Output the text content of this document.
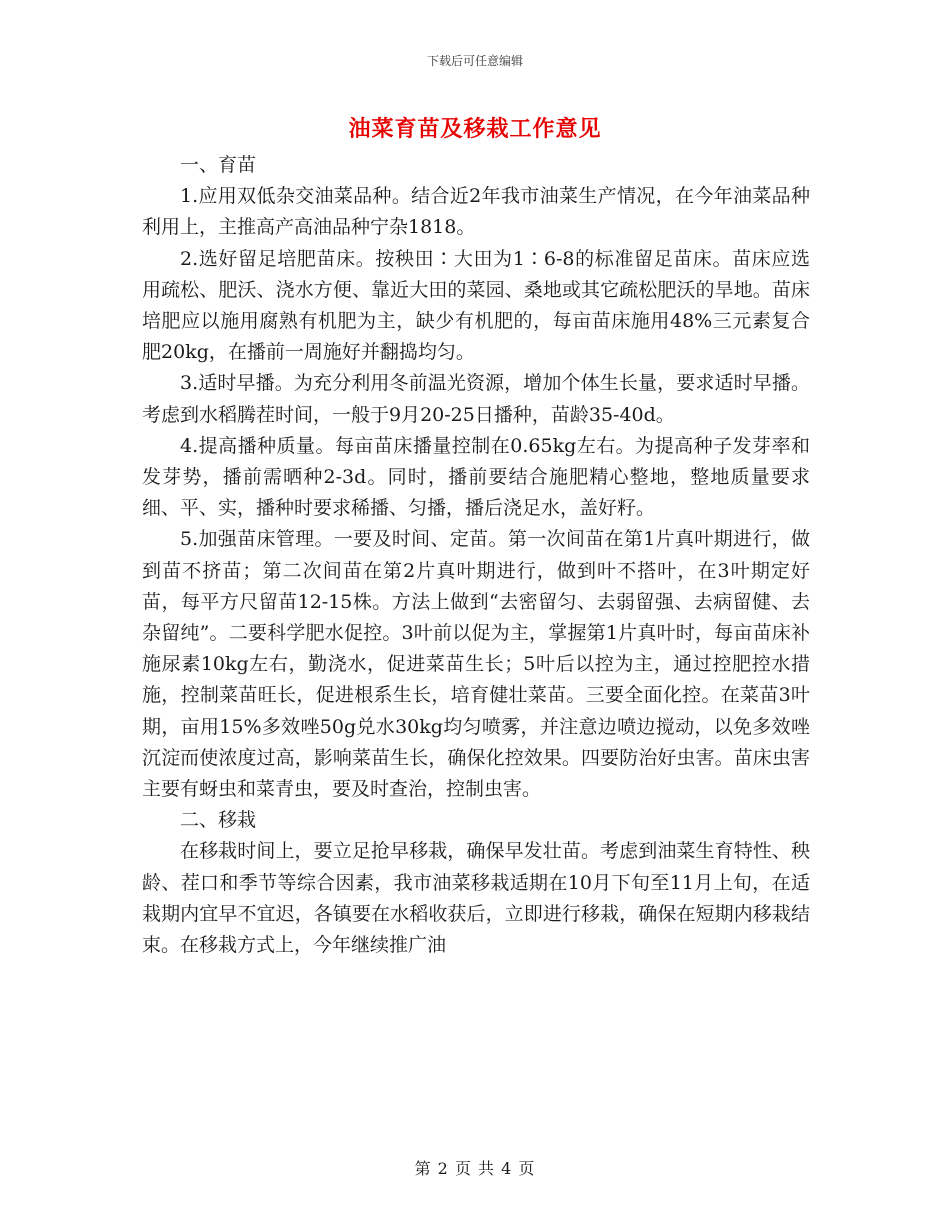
下载后可任意编辑
油菜育苗及移栽工作意见

一、育苗

1.应用双低杂交油菜品种。结合近2年我市油菜生产情况，在今年油菜品种利用上，主推高产高油品种宁杂1818。

2.选好留足培肥苗床。按秧田∶大田为1∶6-8的标准留足苗床。苗床应选用疏松、肥沃、浇水方便、靠近大田的菜园、桑地或其它疏松肥沃的旱地。苗床培肥应以施用腐熟有机肥为主，缺少有机肥的，每亩苗床施用48%三元素复合肥20kg，在播前一周施好并翻捣均匀。

3.适时早播。为充分利用冬前温光资源，增加个体生长量，要求适时早播。考虑到水稻腾茬时间，一般于9月20-25日播种，苗龄35-40d。

4.提高播种质量。每亩苗床播量控制在0.65kg左右。为提高种子发芽率和发芽势，播前需晒种2-3d。同时，播前要结合施肥精心整地，整地质量要求细、平、实，播种时要求稀播、匀播，播后浇足水，盖好籽。

5.加强苗床管理。一要及时间、定苗。第一次间苗在第1片真叶期进行，做到苗不挤苗；第二次间苗在第2片真叶期进行，做到叶不搭叶，在3叶期定好苗，每平方尺留苗12-15株。方法上做到“去密留匀、去弱留强、去病留健、去杂留纯”。二要科学肥水促控。3叶前以促为主，掌握第1片真叶时，每亩苗床补施尿素10kg左右，勤浇水，促进菜苗生长；5叶后以控为主，通过控肥控水措施，控制菜苗旺长，促进根系生长，培育健壮菜苗。三要全面化控。在菜苗3叶期，亩用15%多效唑50g兑水30kg均匀喷雾，并注意边喷边搅动，以免多效唑沉淀而使浓度过高，影响菜苗生长，确保化控效果。四要防治好虫害。苗床虫害主要有蚜虫和菜青虫，要及时查治，控制虫害。

二、移栽

在移栽时间上，要立足抢早移栽，确保早发壮苗。考虑到油菜生育特性、秧龄、茬口和季节等综合因素，我市油菜移栽适期在10月下旬至11月上旬，在适栽期内宜早不宜迟，各镇要在水稻收获后，立即进行移栽，确保在短期内移栽结束。在移栽方式上，今年继续推广油

第 2 页 共 4 页
